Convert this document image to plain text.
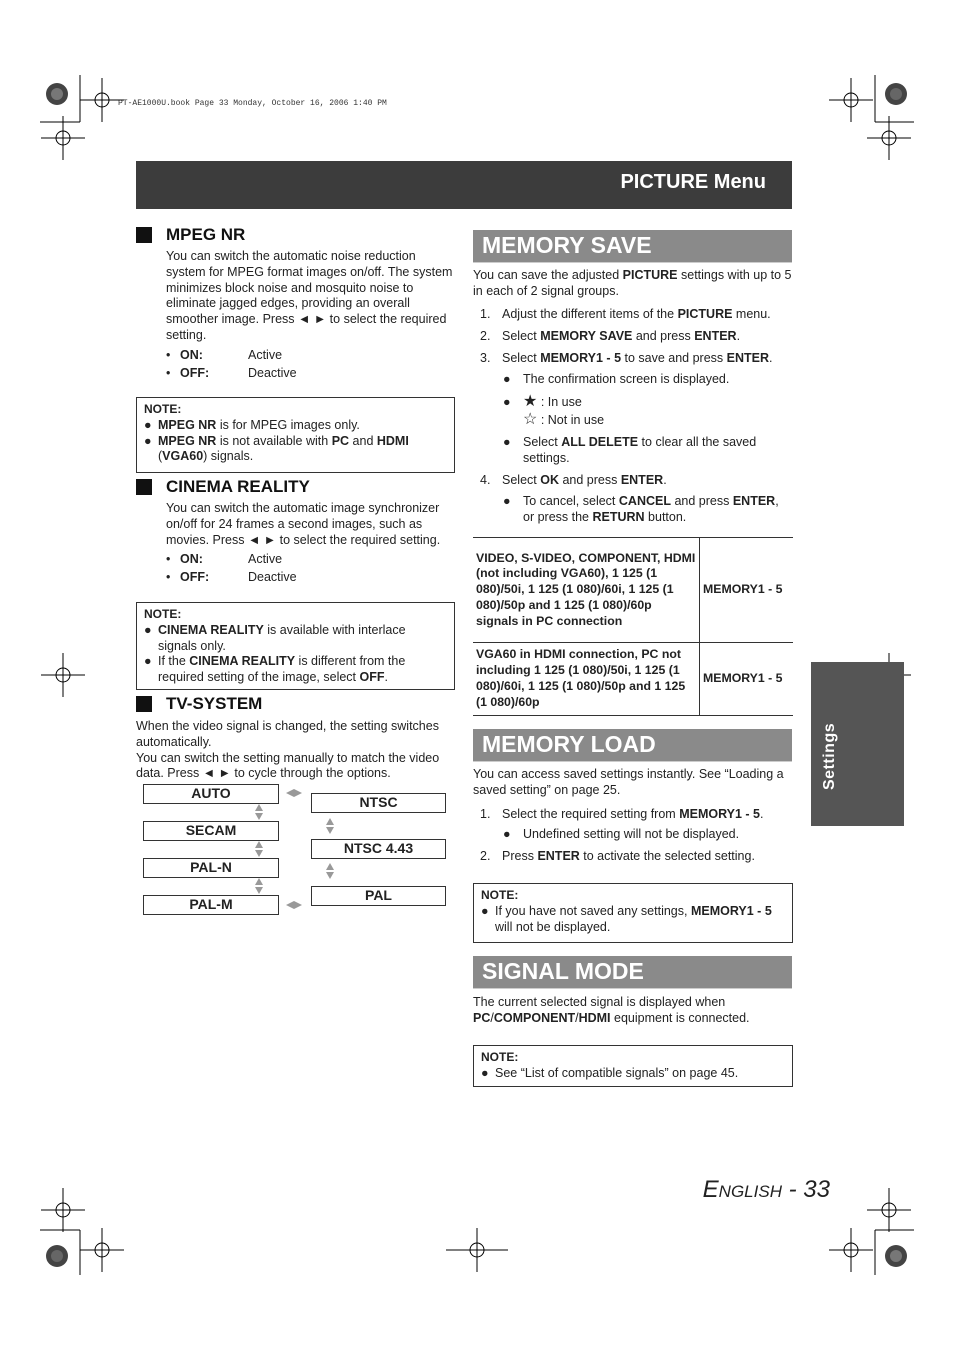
PT-AE1000U.book Page 33 Monday, October 16, 2006 1:40 PM
PICTURE Menu
Settings
MPEG NR
You can switch the automatic noise reduction system for MPEG format images on/off. The system minimizes block noise and mosquito noise to eliminate jagged edges, providing an overall smoother image. Press ◄ ► to select the required setting.
• ON:	Active
• OFF:	Deactive
NOTE:
● MPEG NR is for MPEG images only.
● MPEG NR is not available with PC and HDMI (VGA60) signals.
CINEMA REALITY
You can switch the automatic image synchronizer on/off for 24 frames a second images, such as movies. Press ◄ ► to select the required setting.
• ON:	Active
• OFF:	Deactive
NOTE:
● CINEMA REALITY is available with interlace signals only.
● If the CINEMA REALITY is different from the required setting of the image, select OFF.
TV-SYSTEM
When the video signal is changed, the setting switches automatically.
You can switch the setting manually to match the video data. Press ◄ ► to cycle through the options.
AUTO
SECAM
PAL-N
PAL-M
NTSC
NTSC 4.43
PAL
MEMORY SAVE
You can save the adjusted PICTURE settings with up to 5 in each of 2 signal groups.
1. Adjust the different items of the PICTURE menu.
2. Select MEMORY SAVE and press ENTER.
3. Select MEMORY1 - 5 to save and press ENTER.
● The confirmation screen is displayed.
● ★ : In use
☆ : Not in use
● Select ALL DELETE to clear all the saved settings.
4. Select OK and press ENTER.
● To cancel, select CANCEL and press ENTER, or press the RETURN button.
VIDEO, S-VIDEO, COMPONENT, HDMI (not including VGA60), 1 125 (1 080)/50i, 1 125 (1 080)/60i, 1 125 (1 080)/50p and 1 125 (1 080)/60p signals in PC connection	MEMORY1 - 5
VGA60 in HDMI connection, PC not including 1 125 (1 080)/50i, 1 125 (1 080)/60i, 1 125 (1 080)/50p and 1 125 (1 080)/60p	MEMORY1 - 5
MEMORY LOAD
You can access saved settings instantly. See “Loading a saved setting” on page 25.
1. Select the required setting from MEMORY1 - 5.
● Undefined setting will not be displayed.
2. Press ENTER to activate the selected setting.
NOTE:
● If you have not saved any settings, MEMORY1 - 5 will not be displayed.
SIGNAL MODE
The current selected signal is displayed when PC/COMPONENT/HDMI equipment is connected.
NOTE:
● See “List of compatible signals” on page 45.
ENGLISH - 33
